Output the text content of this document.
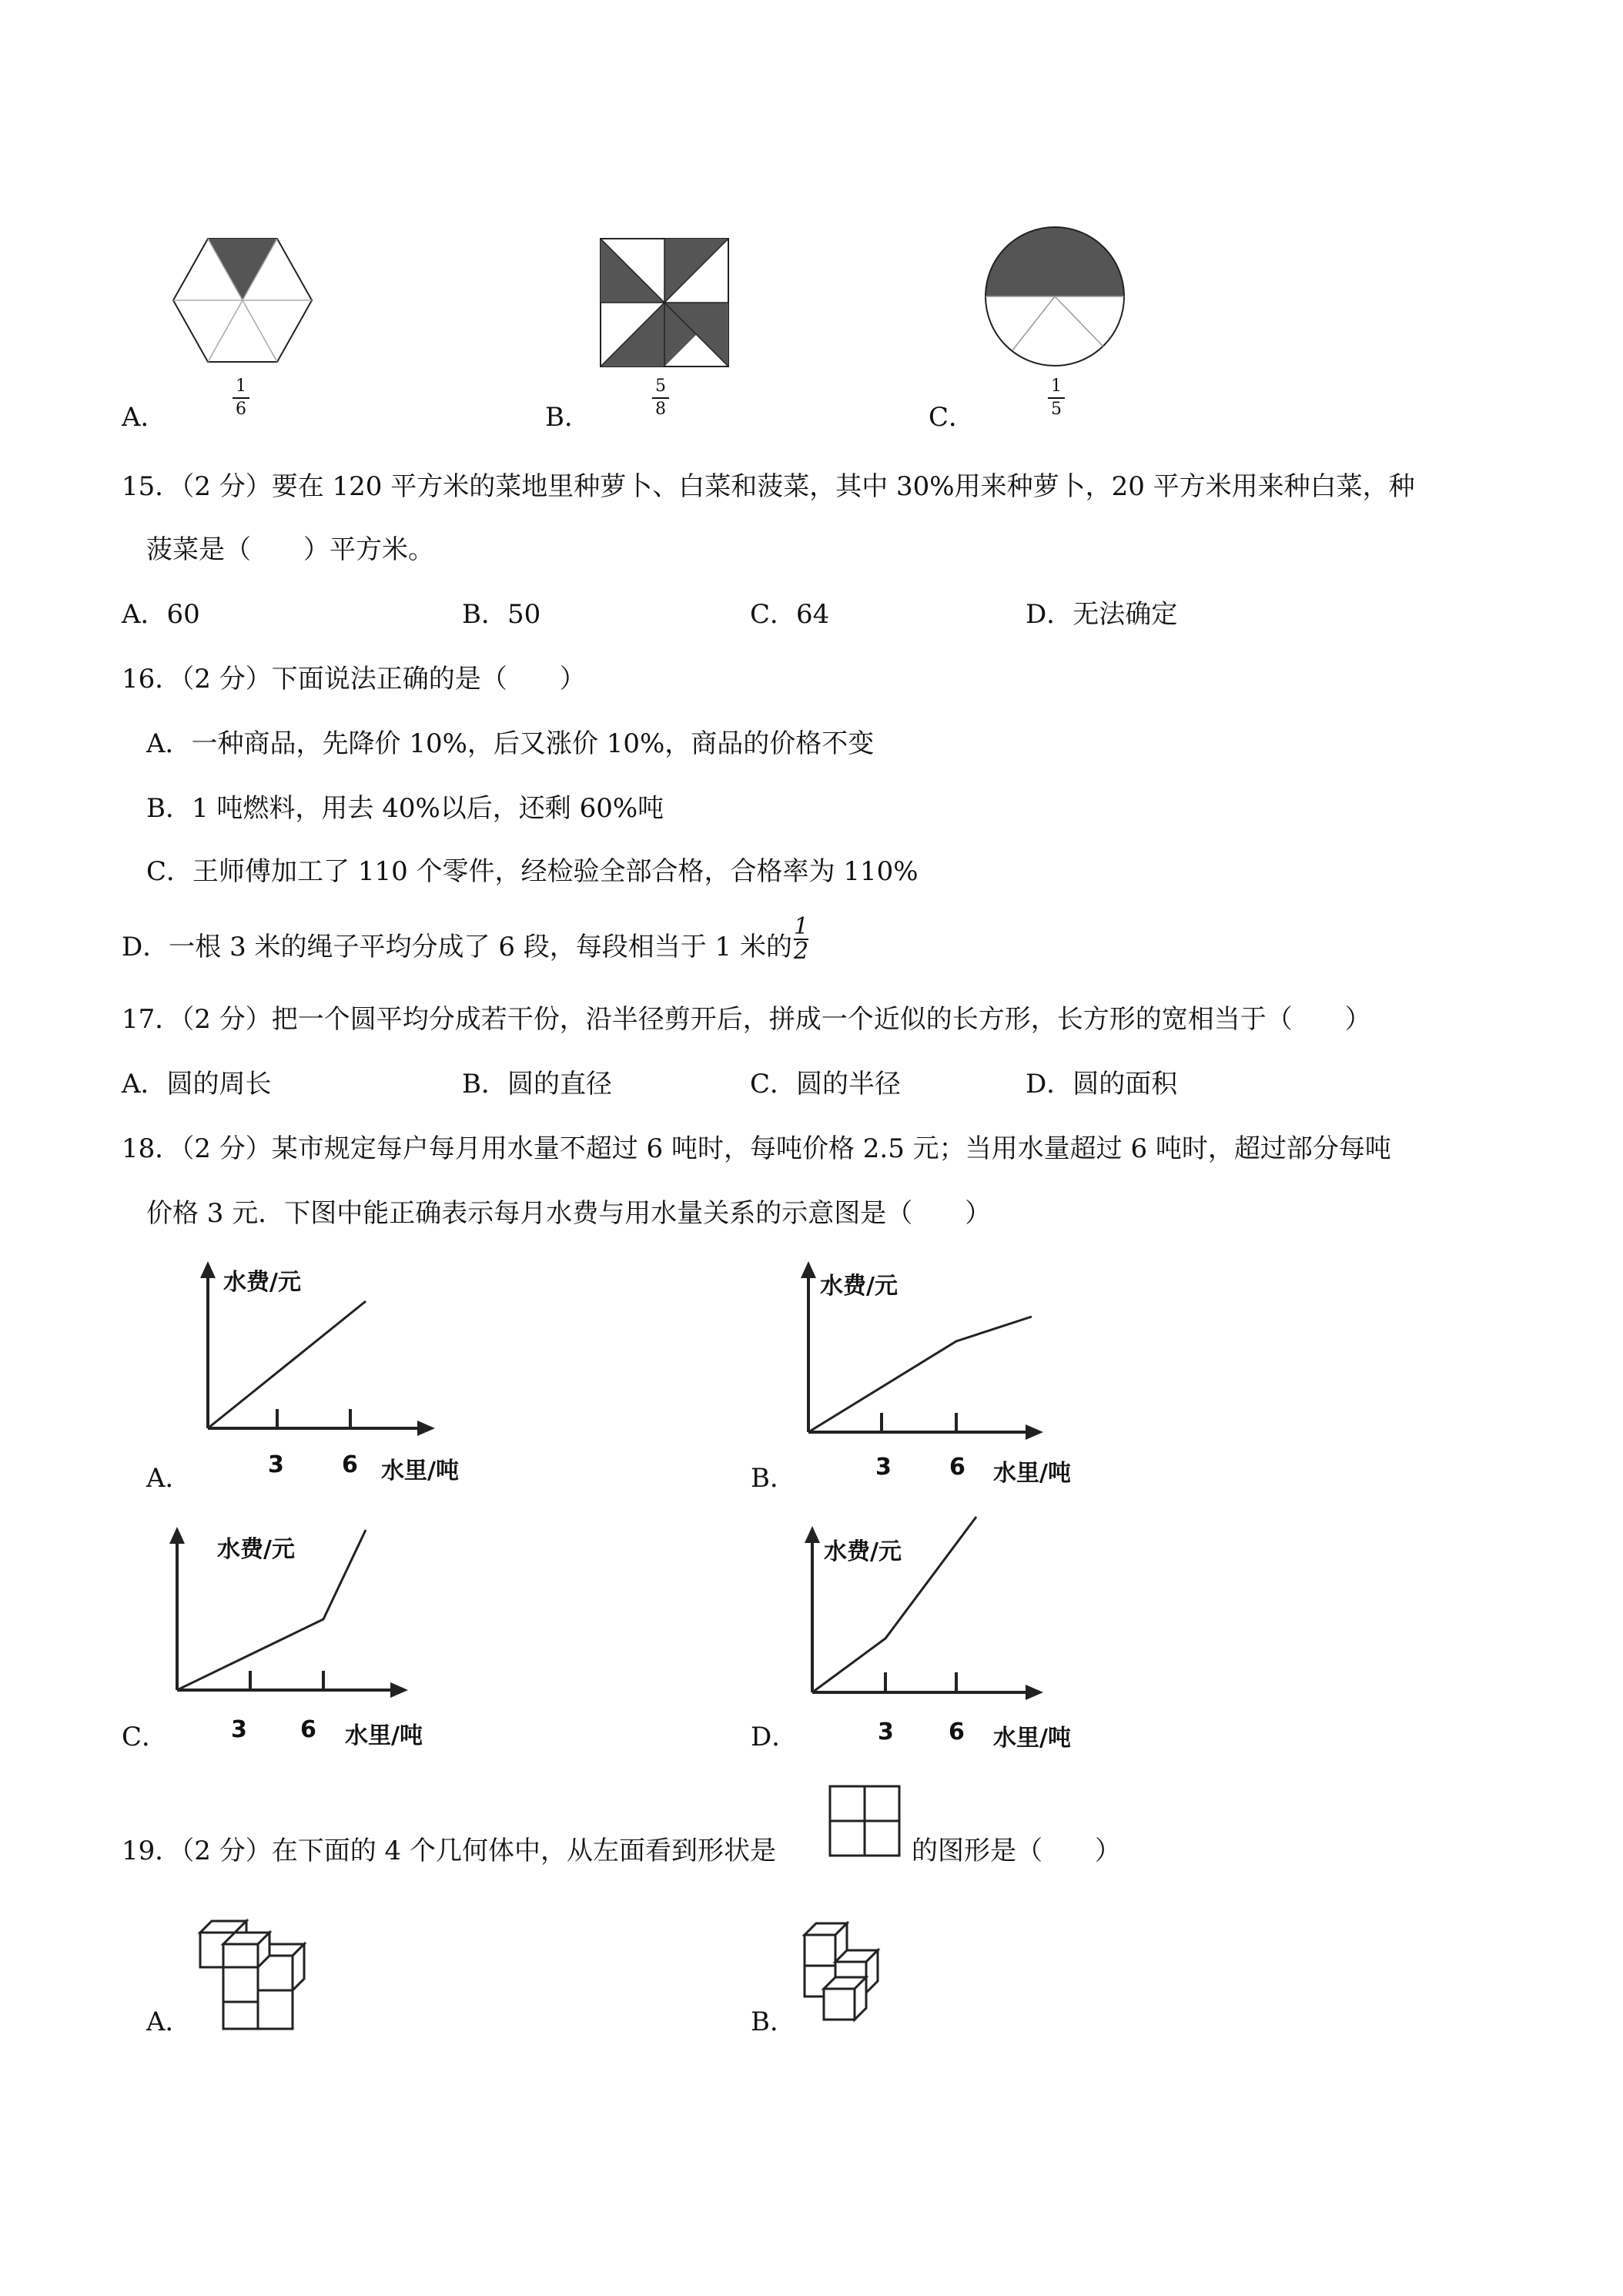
1
6
A．
5
8
B．
1
5
C．
15．（2 分）要在 120 平方米的菜地里种萝卜、白菜和菠菜，其中 30%用来种萝卜，20 平方米用来种白菜，种
菠菜是（　　）平方米。
A．60	B．50	C．64	D．无法确定
16．（2 分）下面说法正确的是（　　）
A．一种商品，先降价 10%，后又涨价 10%，商品的价格不变
B．1 吨燃料，用去 40%以后，还剩 60%吨
C．王师傅加工了 110 个零件，经检验全部合格，合格率为 110%
D．一根 3 米的绳子平均分成了 6 段，每段相当于 1 米的$\frac{1}{2}$
17．（2 分）把一个圆平均分成若干份，沿半径剪开后，拼成一个近似的长方形，长方形的宽相当于（　　）
A．圆的周长	B．圆的直径	C．圆的半径	D．圆的面积
18．（2 分）某市规定每户每月用水量不超过 6 吨时，每吨价格 2.5 元；当用水量超过 6 吨时，超过部分每吨
价格 3 元．下图中能正确表示每月水费与用水量关系的示意图是（　　）
水费/元
3	6 水里/吨
A．
水费/元
3	6 水里/吨
B．
水费/元
3 6 水里/吨
C．
水费/元
3 6 水里/吨
D．
19．（2 分）在下面的 4 个几何体中，从左面看到形状是	的图形是（　　）
A．	B．
